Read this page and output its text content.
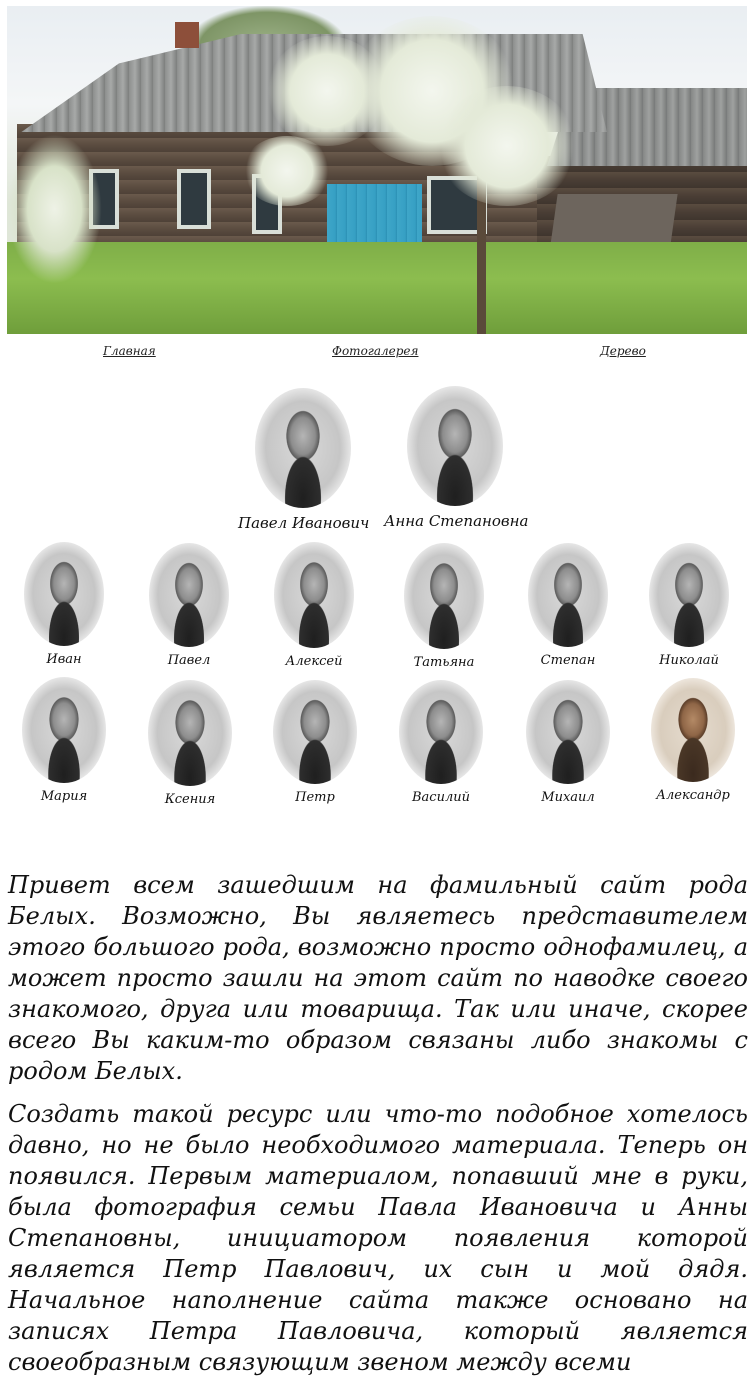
Главная	Фотогалерея	Дерево
Павел Иванович Анна Степановна
Иван	Павел	Алексей	Татьяна	Степан	Николай
Мария	Ксения	Петр	Василий	Михаил	Александр

Привет всем зашедшим на фамильный сайт рода Белых. Возможно, Вы являетесь представителем этого большого рода, возможно просто однофамилец, а может просто зашли на этот сайт по наводке своего знакомого, друга или товарища. Так или иначе, скорее всего Вы каким-то образом связаны либо знакомы с родом Белых.

Создать такой ресурс или что-то подобное хотелось давно, но не было необходимого материала. Теперь он появился. Первым материалом, попавший мне в руки, была фотография семьи Павла Ивановича и Анны Степановны, инициатором появления которой является Петр Павлович, их сын и мой дядя. Начальное наполнение сайта также основано на записях Петра Павловича, который является своеобразным связующим звеном между всеми
